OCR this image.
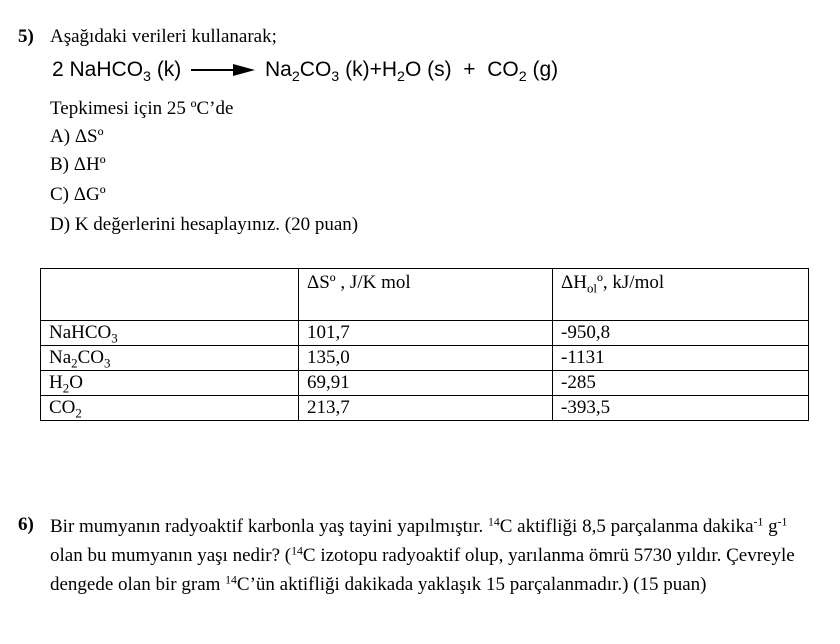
5) Aşağıdaki verileri kullanarak;
2 NaHCO$_3$ $(k) \to Na_2CO_3$ $(k)+H_2O$ $(s) + CO_2$ (g)
Tepkimesi için 25 ºC’de
A) ΔSº
B) ΔHº
C) ΔGº
D) K değerlerini hesaplayınız. (20 puan)
	ΔSº , J/K mol	$\Delta H_{ol}º$, kJ/mol
NaHCO$_3$	101,7	-950,8
$Na_2CO_3$	135,0	-1131
$H_2O$	69,91	-285
$CO_2$	213,7	-393,5
6) Bir mumyanın radyoaktif karbonla yaş tayini yapılmıştır. $^{14}$C aktifliği 8,5 parçalanma dakika$^{-1}$ $g^{-1}$ olan bu mumyanın yaşı nedir? ($^{14}$C izotopu radyoaktif olup, yarılanma ömrü 5730 yıldır. Çevreyle dengede olan bir gram $^{14}$C’ün aktifliği dakikada yaklaşık 15 parçalanmadır.) (15 puan)
